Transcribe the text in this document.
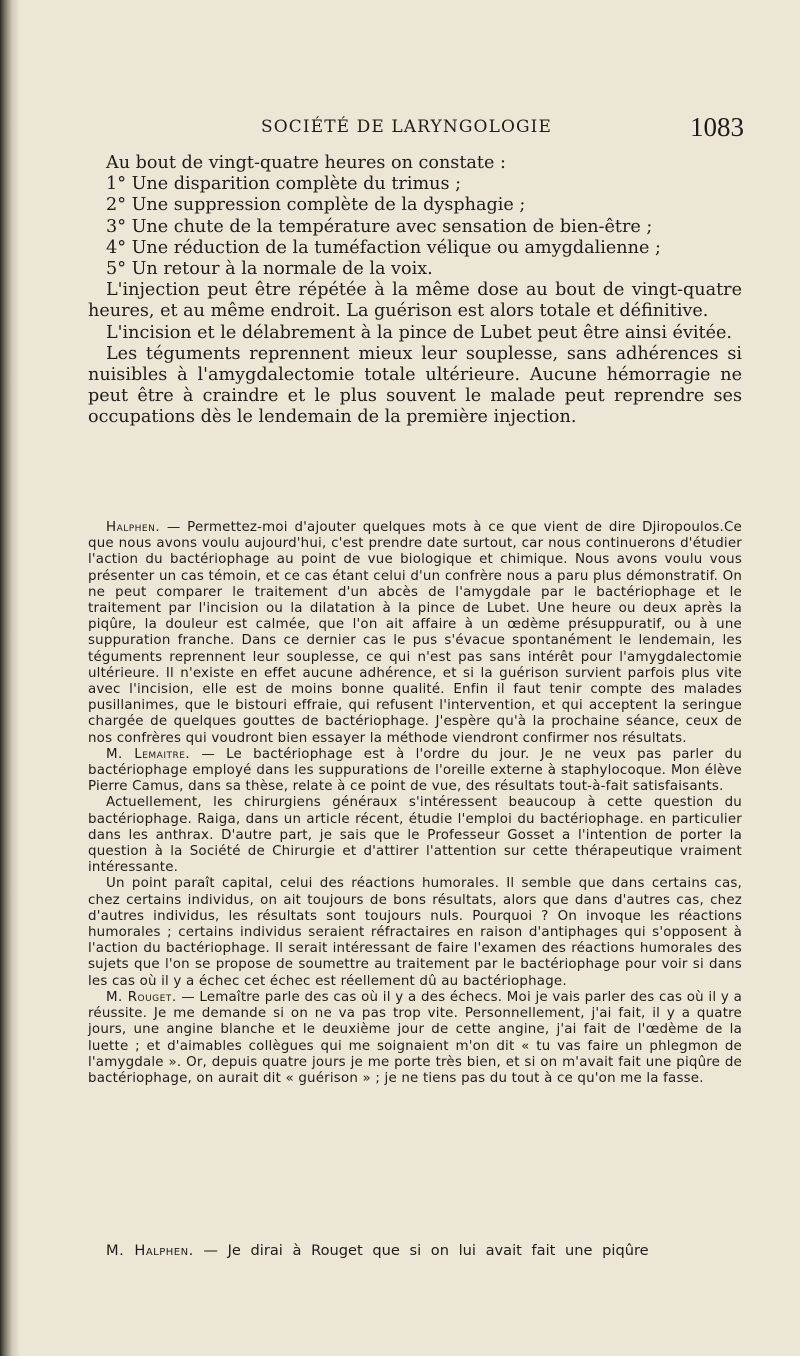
SOCIÉTÉ DE LARYNGOLOGIE	1083

Au bout de vingt-quatre heures on constate :

1° Une disparition complète du trimus ;

2° Une suppression complète de la dysphagie ;

3° Une chute de la température avec sensation de bien-être ;

4° Une réduction de la tuméfaction vélique ou amygdalienne ;

5° Un retour à la normale de la voix.

L'injection peut être répétée à la même dose au bout de vingt-quatre heures, et au même endroit. La guérison est alors totale et définitive.

L'incision et le délabrement à la pince de Lubet peut être ainsi évitée.

Les téguments reprennent mieux leur souplesse, sans adhérences si nuisibles à l'amygdalectomie totale ultérieure. Aucune hémorragie ne peut être à craindre et le plus souvent le malade peut reprendre ses occupations dès le lendemain de la première injection.

Halphen. — Permettez-moi d'ajouter quelques mots à ce que vient de dire Djiropoulos.Ce que nous avons voulu aujourd'hui, c'est prendre date surtout, car nous continuerons d'étudier l'action du bactériophage au point de vue biologique et chimique. Nous avons voulu vous présenter un cas témoin, et ce cas étant celui d'un confrère nous a paru plus démonstratif. On ne peut comparer le traitement d'un abcès de l'amygdale par le bactériophage et le traitement par l'incision ou la dilatation à la pince de Lubet. Une heure ou deux après la piqûre, la douleur est calmée, que l'on ait affaire à un œdème présuppuratif, ou à une suppuration franche. Dans ce dernier cas le pus s'évacue spontanément le lendemain, les téguments reprennent leur souplesse, ce qui n'est pas sans intérêt pour l'amygdalectomie ultérieure. Il n'existe en effet aucune adhérence, et si la guérison survient parfois plus vite avec l'incision, elle est de moins bonne qualité. Enfin il faut tenir compte des malades pusillanimes, que le bistouri effraie, qui refusent l'intervention, et qui acceptent la seringue chargée de quelques gouttes de bactériophage. J'espère qu'à la prochaine séance, ceux de nos confrères qui voudront bien essayer la méthode viendront confirmer nos résultats.

M. Lemaitre. — Le bactériophage est à l'ordre du jour. Je ne veux pas parler du bactériophage employé dans les suppurations de l'oreille externe à staphylocoque. Mon élève Pierre Camus, dans sa thèse, relate à ce point de vue, des résultats tout-à-fait satisfaisants.

Actuellement, les chirurgiens généraux s'intéressent beaucoup à cette question du bactériophage. Raiga, dans un article récent, étudie l'emploi du bactériophage. en particulier dans les anthrax. D'autre part, je sais que le Professeur Gosset a l'intention de porter la question à la Société de Chirurgie et d'attirer l'attention sur cette thérapeutique vraiment intéressante.

Un point paraît capital, celui des réactions humorales. Il semble que dans certains cas, chez certains individus, on ait toujours de bons résultats, alors que dans d'autres cas, chez d'autres individus, les résultats sont toujours nuls. Pourquoi ? On invoque les réactions humorales ; certains individus seraient réfractaires en raison d'antiphages qui s'opposent à l'action du bactériophage. Il serait intéressant de faire l'examen des réactions humorales des sujets que l'on se propose de soumettre au traitement par le bactériophage pour voir si dans les cas où il y a échec cet échec est réellement dû au bactériophage.

M. Rouget. — Lemaître parle des cas où il y a des échecs. Moi je vais parler des cas où il y a réussite. Je me demande si on ne va pas trop vite. Personnellement, j'ai fait, il y a quatre jours, une angine blanche et le deuxième jour de cette angine, j'ai fait de l'œdème de la luette ; et d'aimables collègues qui me soignaient m'on dit « tu vas faire un phlegmon de l'amygdale ». Or, depuis quatre jours je me porte très bien, et si on m'avait fait une piqûre de bactériophage, on aurait dit « guérison » ; je ne tiens pas du tout à ce qu'on me la fasse.

M. Halphen. — Je dirai à Rouget que si on lui avait fait une piqûre
